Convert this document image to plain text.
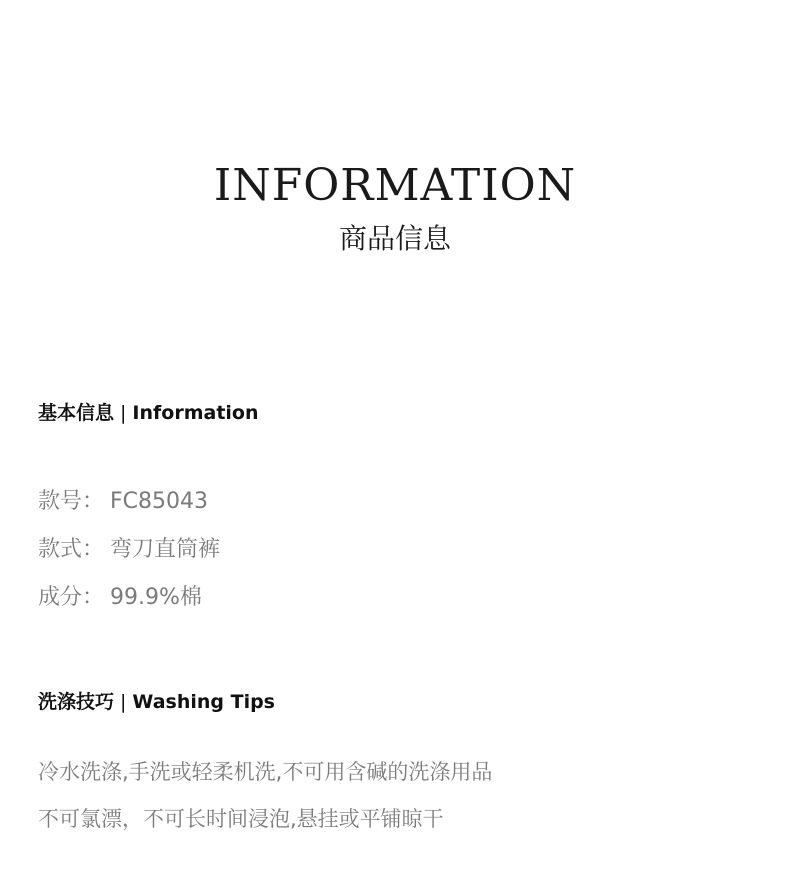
INFORMATION
商品信息
基本信息 | Information
款号： FC85043
款式： 弯刀直筒裤
成分： 99.9%棉
洗涤技巧 | Washing Tips
冷水洗涤,手洗或轻柔机洗,不可用含碱的洗涤用品
不可氯漂，不可长时间浸泡,悬挂或平铺晾干
